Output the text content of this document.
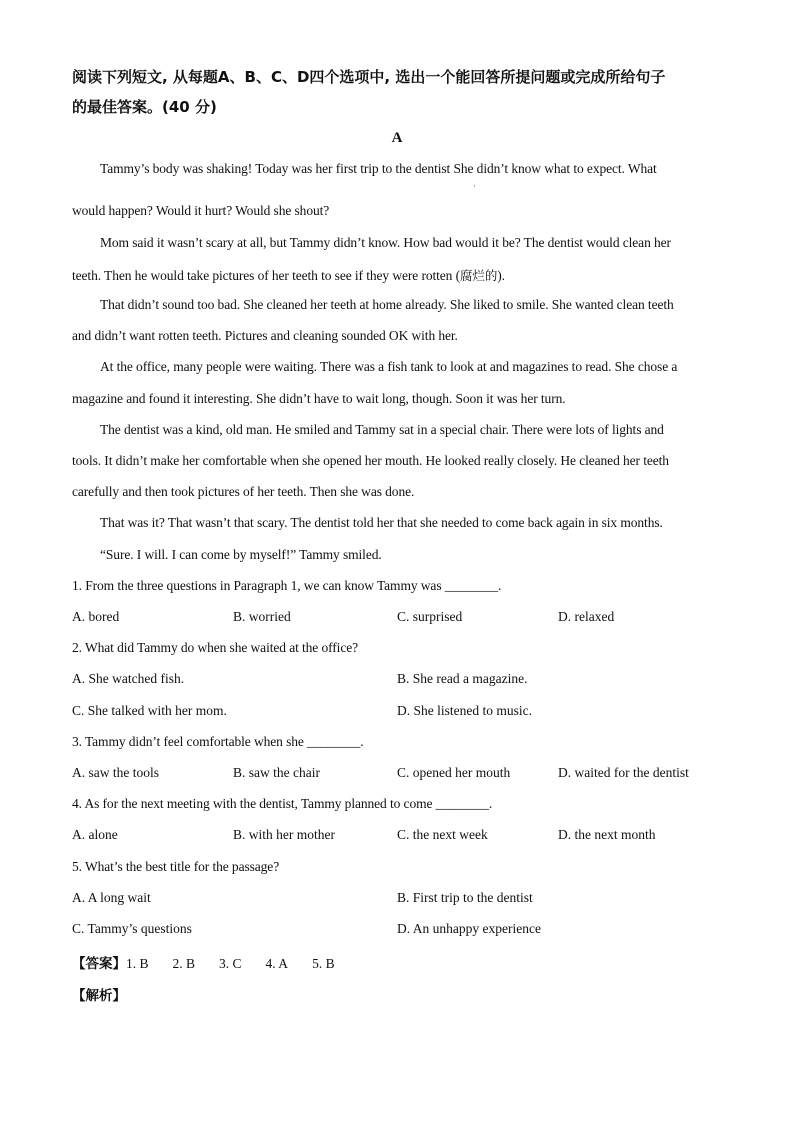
阅读下列短文, 从每题A、B、C、D四个选项中, 选出一个能回答所提问题或完成所给句子
的最佳答案。(40 分)
A
Tammy’s body was shaking! Today was her first trip to the dentist She didn’t know what to expect. What
·
would happen? Would it hurt? Would she shout?
Mom said it wasn’t scary at all, but Tammy didn’t know. How bad would it be? The dentist would clean her
teeth. Then he would take pictures of her teeth to see if they were rotten (腐烂的).
That didn’t sound too bad. She cleaned her teeth at home already. She liked to smile. She wanted clean teeth
and didn’t want rotten teeth. Pictures and cleaning sounded OK with her.
At the office, many people were waiting. There was a fish tank to look at and magazines to read. She chose a
magazine and found it interesting. She didn’t have to wait long, though. Soon it was her turn.
The dentist was a kind, old man. He smiled and Tammy sat in a special chair. There were lots of lights and
tools. It didn’t make her comfortable when she opened her mouth. He looked really closely. He cleaned her teeth
carefully and then took pictures of her teeth. Then she was done.
That was it? That wasn’t that scary. The dentist told her that she needed to come back again in six months.
“Sure. I will. I can come by myself!” Tammy smiled.
1. From the three questions in Paragraph 1, we can know Tammy was ________.
A. bored	B. worried	C. surprised	D. relaxed
2. What did Tammy do when she waited at the office?
A. She watched fish.	B. She read a magazine.
C. She talked with her mom.	D. She listened to music.
3. Tammy didn’t feel comfortable when she ________.
A. saw the tools	B. saw the chair	C. opened her mouth	D. waited for the dentist
4. As for the next meeting with the dentist, Tammy planned to come ________.
A. alone	B. with her mother	C. the next week	D. the next month
5. What’s the best title for the passage?
A. A long wait	B. First trip to the dentist
C. Tammy’s questions	D. An unhappy experience
【答案】1. B 2. B 3. C 4. A 5. B
【解析】
